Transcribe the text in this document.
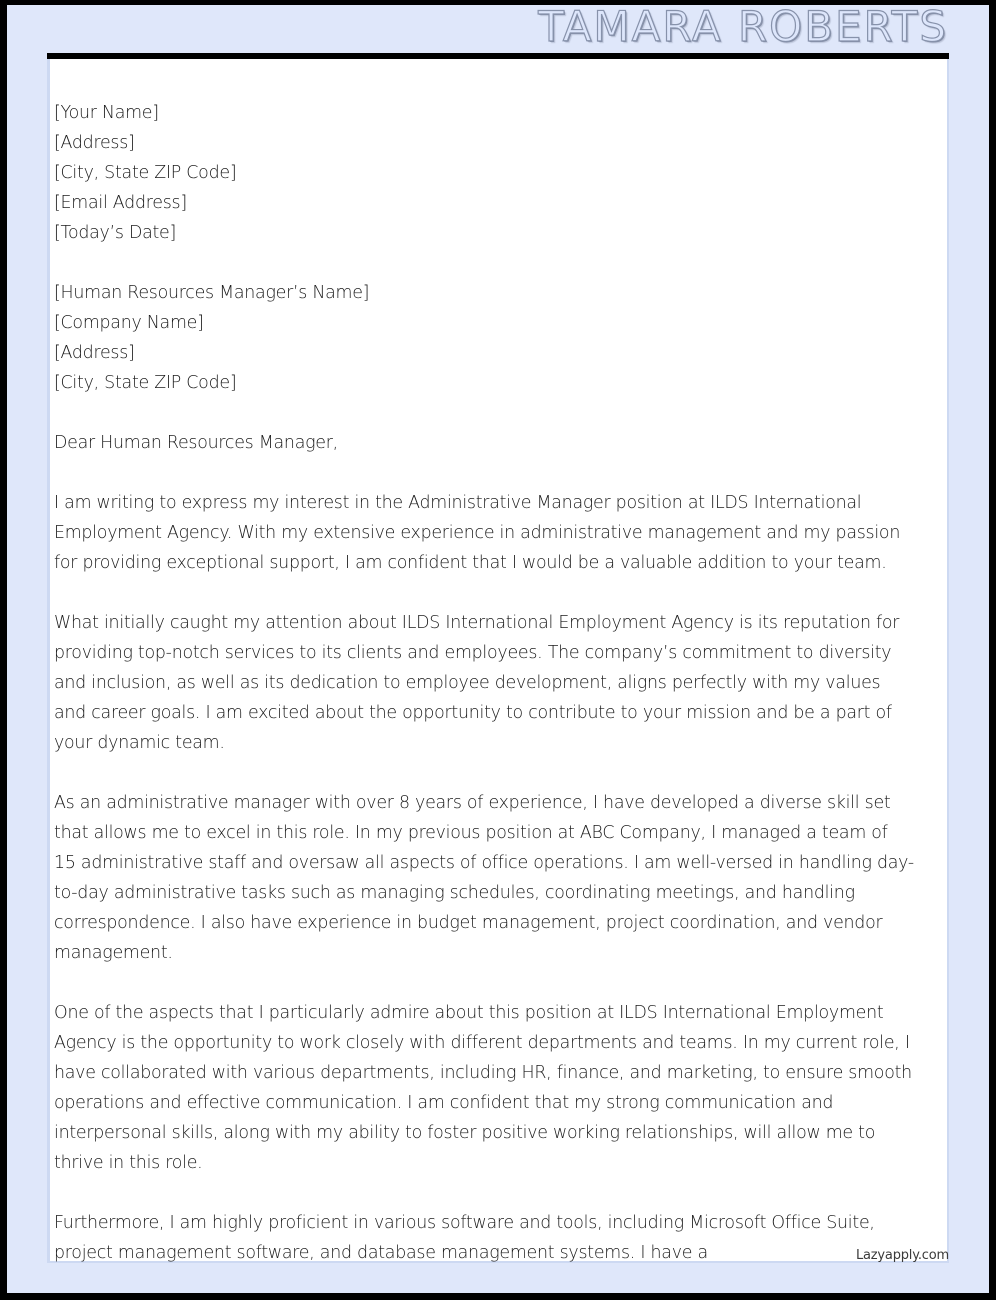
TAMARA ROBERTS
[Your Name]
[Address]
[City, State ZIP Code]
[Email Address]
[Today’s Date]
[Human Resources Manager’s Name]
[Company Name]
[Address]
[City, State ZIP Code]

Dear Human Resources Manager,

I am writing to express my interest in the Administrative Manager position at ILDS International Employment Agency. With my extensive experience in administrative management and my passion for providing exceptional support, I am confident that I would be a valuable addition to your team.

What initially caught my attention about ILDS International Employment Agency is its reputation for providing top-notch services to its clients and employees. The company’s commitment to diversity and inclusion, as well as its dedication to employee development, aligns perfectly with my values and career goals. I am excited about the opportunity to contribute to your mission and be a part of your dynamic team.

As an administrative manager with over 8 years of experience, I have developed a diverse skill set that allows me to excel in this role. In my previous position at ABC Company, I managed a team of 15 administrative staff and oversaw all aspects of office operations. I am well-versed in handling day-to-day administrative tasks such as managing schedules, coordinating meetings, and handling correspondence. I also have experience in budget management, project coordination, and vendor management.

One of the aspects that I particularly admire about this position at ILDS International Employment Agency is the opportunity to work closely with different departments and teams. In my current role, I have collaborated with various departments, including HR, finance, and marketing, to ensure smooth operations and effective communication. I am confident that my strong communication and interpersonal skills, along with my ability to foster positive working relationships, will allow me to thrive in this role.

Furthermore, I am highly proficient in various software and tools, including Microsoft Office Suite, project management software, and database management systems. I have a	Lazyapply.com
